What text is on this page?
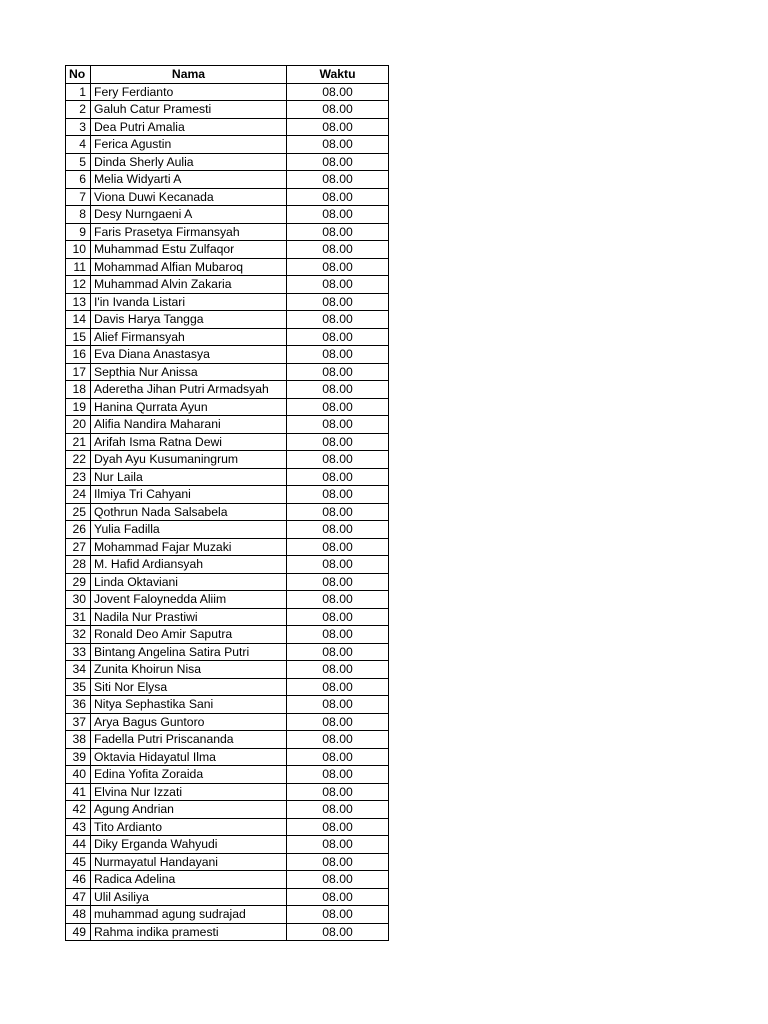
No	Nama	Waktu
1	Fery Ferdianto	08.00
2	Galuh Catur Pramesti	08.00
3	Dea Putri Amalia	08.00
4	Ferica Agustin	08.00
5	Dinda Sherly Aulia	08.00
6	Melia Widyarti A	08.00
7	Viona Duwi Kecanada	08.00
8	Desy Nurngaeni A	08.00
9	Faris Prasetya Firmansyah	08.00
10	Muhammad Estu Zulfaqor	08.00
11	Mohammad Alfian Mubaroq	08.00
12	Muhammad Alvin Zakaria	08.00
13	I'in Ivanda Listari	08.00
14	Davis Harya Tangga	08.00
15	Alief Firmansyah	08.00
16	Eva Diana Anastasya	08.00
17	Septhia Nur Anissa	08.00
18	Aderetha Jihan Putri Armadsyah	08.00
19	Hanina Qurrata Ayun	08.00
20	Alifia Nandira Maharani	08.00
21	Arifah Isma Ratna Dewi	08.00
22	Dyah Ayu Kusumaningrum	08.00
23	Nur Laila	08.00
24	Ilmiya Tri Cahyani	08.00
25	Qothrun Nada Salsabela	08.00
26	Yulia Fadilla	08.00
27	Mohammad Fajar Muzaki	08.00
28	M. Hafid Ardiansyah	08.00
29	Linda Oktaviani	08.00
30	Jovent Faloynedda Aliim	08.00
31	Nadila Nur Prastiwi	08.00
32	Ronald Deo Amir Saputra	08.00
33	Bintang Angelina Satira Putri	08.00
34	Zunita Khoirun Nisa	08.00
35	Siti Nor Elysa	08.00
36	Nitya Sephastika Sani	08.00
37	Arya Bagus Guntoro	08.00
38	Fadella Putri Priscananda	08.00
39	Oktavia Hidayatul Ilma	08.00
40	Edina Yofita Zoraida	08.00
41	Elvina Nur Izzati	08.00
42	Agung Andrian	08.00
43	Tito Ardianto	08.00
44	Diky Erganda Wahyudi	08.00
45	Nurmayatul Handayani	08.00
46	Radica Adelina	08.00
47	Ulil Asiliya	08.00
48	muhammad agung sudrajad	08.00
49	Rahma indika pramesti	08.00
